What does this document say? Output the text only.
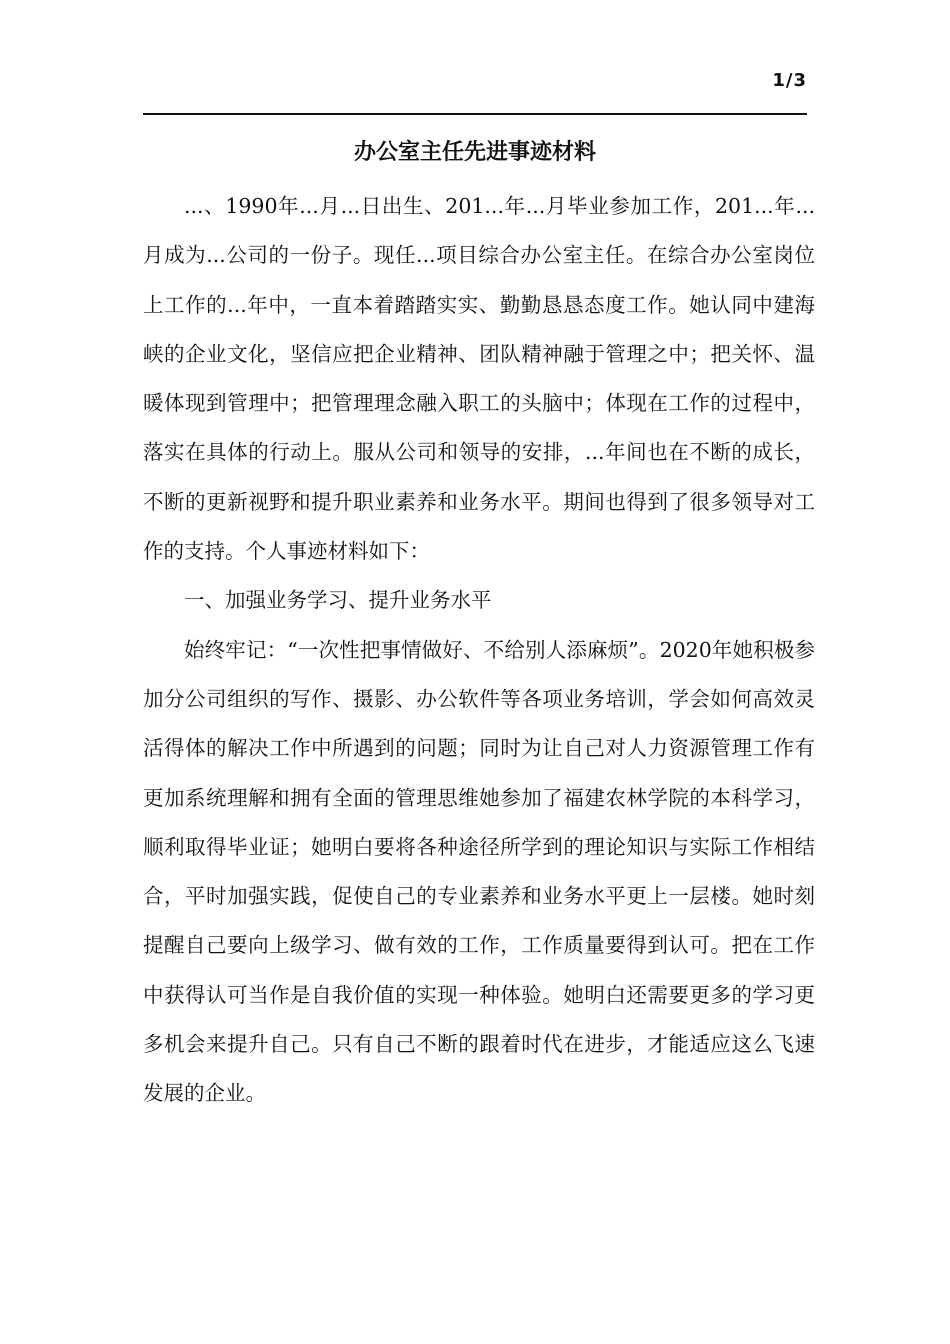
1/3
办公室主任先进事迹材料

...、1990年...月...日出生、201...年...月毕业参加工作，201...年...月成为...公司的一份子。现任...项目综合办公室主任。在综合办公室岗位上工作的...年中，一直本着踏踏实实、勤勤恳恳态度工作。她认同中建海峡的企业文化，坚信应把企业精神、团队精神融于管理之中；把关怀、温暖体现到管理中；把管理理念融入职工的头脑中；体现在工作的过程中，落实在具体的行动上。服从公司和领导的安排，...年间也在不断的成长，不断的更新视野和提升职业素养和业务水平。期间也得到了很多领导对工作的支持。个人事迹材料如下：

一、加强业务学习、提升业务水平

始终牢记：“一次性把事情做好、不给别人添麻烦”。2020年她积极参加分公司组织的写作、摄影、办公软件等各项业务培训，学会如何高效灵活得体的解决工作中所遇到的问题；同时为让自己对人力资源管理工作有更加系统理解和拥有全面的管理思维她参加了福建农林学院的本科学习，顺利取得毕业证；她明白要将各种途径所学到的理论知识与实际工作相结合，平时加强实践，促使自己的专业素养和业务水平更上一层楼。她时刻提醒自己要向上级学习、做有效的工作，工作质量要得到认可。把在工作中获得认可当作是自我价值的实现一种体验。她明白还需要更多的学习更多机会来提升自己。只有自己不断的跟着时代在进步，才能适应这么飞速发展的企业。
